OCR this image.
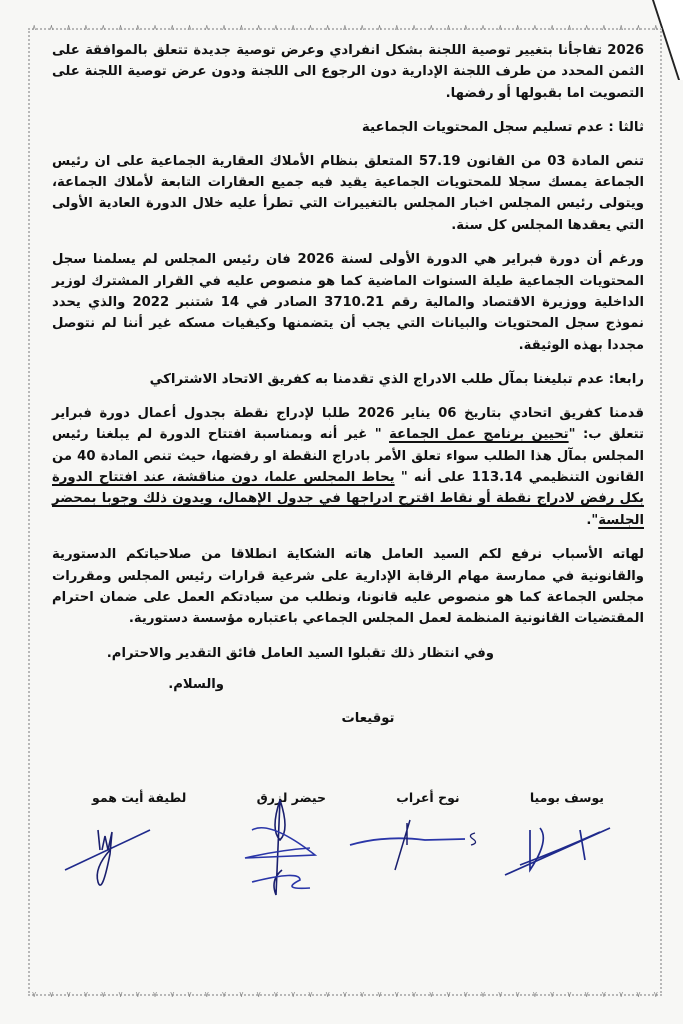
٨ ٨ ٨ ٨ ٨ ٨ ٨ ٨ ٨ ٨ ٨ ٨ ٨ ٨ ٨ ٨ ٨ ٨ ٨ ٨ ٨ ٨ ٨ ٨ ٨ ٨ ٨ ٨ ٨ ٨ ٨ ٨ ٨ ٨ ٨ ٨ ٨
٧ ٧ ٧ ٧ ٧ ٧ ٧ ٧ ٧ ٧ ٧ ٧ ٧ ٧ ٧ ٧ ٧ ٧ ٧ ٧ ٧ ٧ ٧ ٧ ٧ ٧ ٧ ٧ ٧ ٧ ٧ ٧ ٧ ٧ ٧ ٧ ٧

2026 تفاجأنا بتغيير توصية اللجنة بشكل انفرادي وعرض توصية جديدة تتعلق بالموافقة على الثمن المحدد من طرف اللجنة الإدارية دون الرجوع الى اللجنة ودون عرض توصية اللجنة على التصويت اما بقبولها أو رفضها.

ثالثا : عدم تسليم سجل المحتويات الجماعية

تنص المادة 03 من القانون 57.19 المتعلق بنظام الأملاك العقارية الجماعية على ان رئيس الجماعة يمسك سجلا للمحتويات الجماعية يقيد فيه جميع العقارات التابعة لأملاك الجماعة، ويتولى رئيس المجلس اخبار المجلس بالتغييرات التي تطرأ عليه خلال الدورة العادية الأولى التي يعقدها المجلس كل سنة.

ورغم أن دورة فبراير هي الدورة الأولى لسنة 2026 فان رئيس المجلس لم يسلمنا سجل المحتويات الجماعية طيلة السنوات الماضية كما هو منصوص عليه في القرار المشترك لوزير الداخلية ووزيرة الاقتصاد والمالية رقم 3710.21 الصادر في 14 شتنبر 2022 والذي يحدد نموذج سجل المحتويات والبيانات التي يجب أن يتضمنها وكيفيات مسكه غير أننا لم نتوصل مجددا بهذه الوثيقة.

رابعا: عدم تبليغنا بمآل طلب الادراج الذي تقدمنا به كفريق الاتحاد الاشتراكي

قدمنا كفريق اتحادي بتاريخ 06 يناير 2026 طلبا لإدراج نقطة بجدول أعمال دورة فبراير تتعلق ب: "تحيين برنامج عمل الجماعة " غير أنه وبمناسبة افتتاح الدورة لم يبلغنا رئيس المجلس بمآل هذا الطلب سواء تعلق الأمر بادراج النقطة او رفضها، حيث تنص المادة 40 من القانون التنظيمي 113.14 على أنه " يحاط المجلس علما، دون مناقشة، عند افتتاح الدورة بكل رفض لادراج نقطة أو نقاط اقترح ادراجها في جدول الإهمال، ويدون ذلك وجوبا بمحضر الجلسة".

لهاته الأسباب نرفع لكم السيد العامل هاته الشكاية انطلاقا من صلاحياتكم الدستورية والقانونية في ممارسة مهام الرقابة الإدارية على شرعية قرارات رئيس المجلس ومقررات مجلس الجماعة كما هو منصوص عليه قانونا، ونطلب من سيادتكم العمل على ضمان احترام المقتضيات القانونية المنظمة لعمل المجلس الجماعي باعتباره مؤسسة دستورية.

وفي انتظار ذلك تقبلوا السيد العامل فائق التقدير والاحترام.

والسلام.

توقيعات

يوسف بوميا
نوح أعراب
حيضر لزرق
لطيفة أيت همو
